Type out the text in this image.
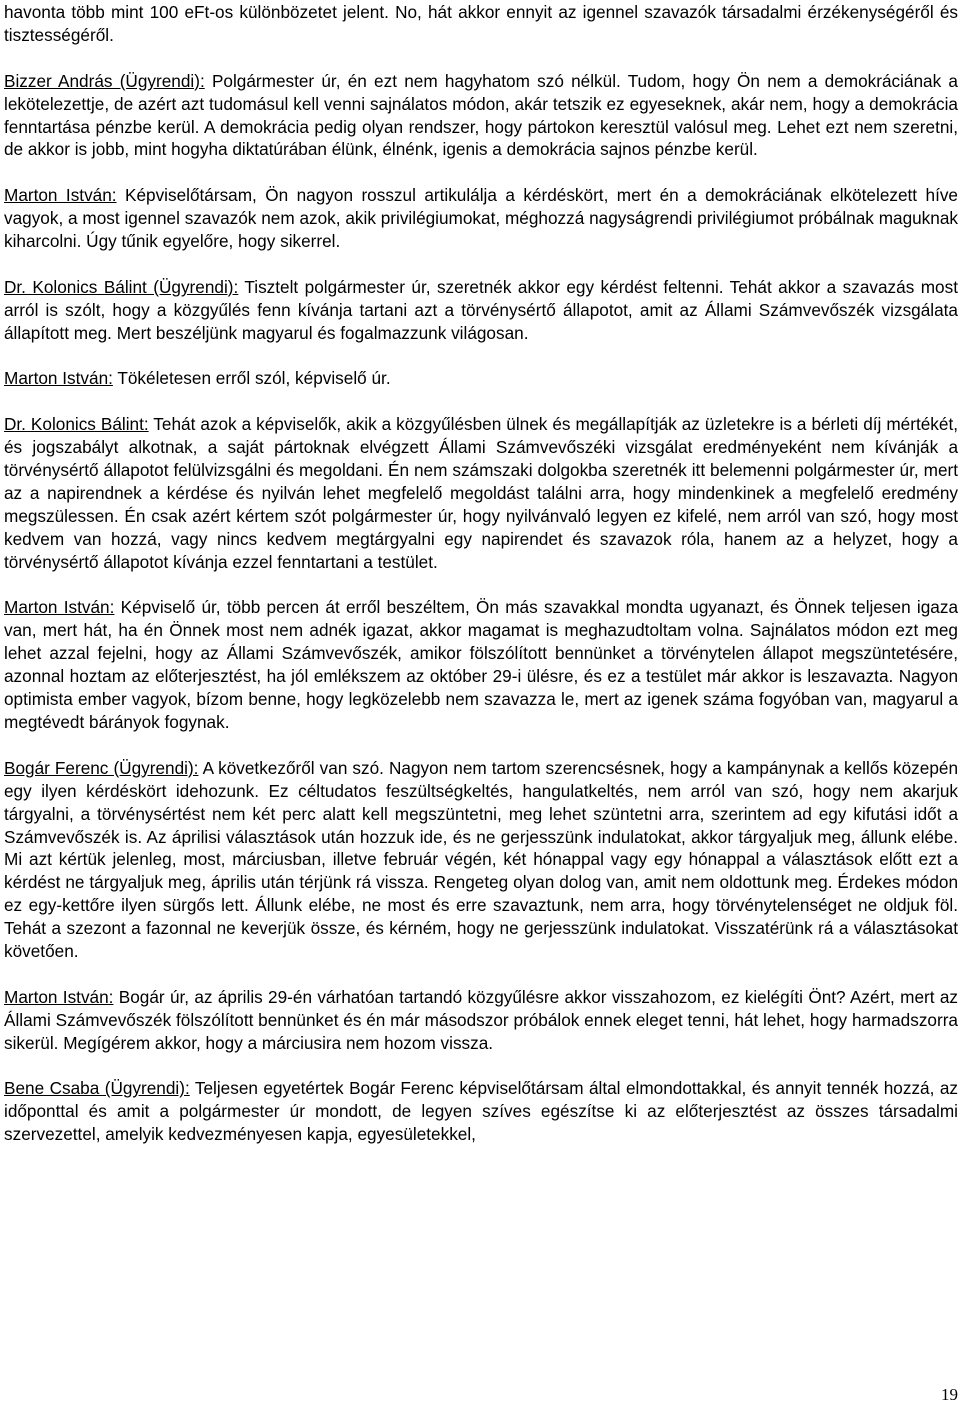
havonta több mint 100 eFt-os különbözetet jelent. No, hát akkor ennyit az igennel szavazók társadalmi érzékenységéről és tisztességéről.

Bizzer András (Ügyrendi): Polgármester úr, én ezt nem hagyhatom szó nélkül. Tudom, hogy Ön nem a demokráciának a lekötelezettje, de azért azt tudomásul kell venni sajnálatos módon, akár tetszik ez egyeseknek, akár nem, hogy a demokrácia fenntartása pénzbe kerül. A demokrácia pedig olyan rendszer, hogy pártokon keresztül valósul meg. Lehet ezt nem szeretni, de akkor is jobb, mint hogyha diktatúrában élünk, élnénk, igenis a demokrácia sajnos pénzbe kerül.

Marton István: Képviselőtársam, Ön nagyon rosszul artikulálja a kérdéskört, mert én a demokráciának elkötelezett híve vagyok, a most igennel szavazók nem azok, akik privilégiumokat, méghozzá nagyságrendi privilégiumot próbálnak maguknak kiharcolni. Úgy tűnik egyelőre, hogy sikerrel.

Dr. Kolonics Bálint (Ügyrendi): Tisztelt polgármester úr, szeretnék akkor egy kérdést feltenni. Tehát akkor a szavazás most arról is szólt, hogy a közgyűlés fenn kívánja tartani azt a törvénysértő állapotot, amit az Állami Számvevőszék vizsgálata állapított meg. Mert beszéljünk magyarul és fogalmazzunk világosan.

Marton István: Tökéletesen erről szól, képviselő úr.

Dr. Kolonics Bálint: Tehát azok a képviselők, akik a közgyűlésben ülnek és megállapítják az üzletekre is a bérleti díj mértékét, és jogszabályt alkotnak, a saját pártoknak elvégzett Állami Számvevőszéki vizsgálat eredményeként nem kívánják a törvénysértő állapotot felülvizsgálni és megoldani. Én nem számszaki dolgokba szeretnék itt belemenni polgármester úr, mert az a napirendnek a kérdése és nyilván lehet megfelelő megoldást találni arra, hogy mindenkinek a megfelelő eredmény megszülessen. Én csak azért kértem szót polgármester úr, hogy nyilvánvaló legyen ez kifelé, nem arról van szó, hogy most kedvem van hozzá, vagy nincs kedvem megtárgyalni egy napirendet és szavazok róla, hanem az a helyzet, hogy a törvénysértő állapotot kívánja ezzel fenntartani a testület.

Marton István: Képviselő úr, több percen át erről beszéltem, Ön más szavakkal mondta ugyanazt, és Önnek teljesen igaza van, mert hát, ha én Önnek most nem adnék igazat, akkor magamat is meghazudtoltam volna. Sajnálatos módon ezt meg lehet azzal fejelni, hogy az Állami Számvevőszék, amikor fölszólított bennünket a törvénytelen állapot megszüntetésére, azonnal hoztam az előterjesztést, ha jól emlékszem az október 29-i ülésre, és ez a testület már akkor is leszavazta. Nagyon optimista ember vagyok, bízom benne, hogy legközelebb nem szavazza le, mert az igenek száma fogyóban van, magyarul a megtévedt bárányok fogynak.

Bogár Ferenc (Ügyrendi): A következőről van szó. Nagyon nem tartom szerencsésnek, hogy a kampánynak a kellős közepén egy ilyen kérdéskört idehozunk. Ez céltudatos feszültségkeltés, hangulatkeltés, nem arról van szó, hogy nem akarjuk tárgyalni, a törvénysértést nem két perc alatt kell megszüntetni, meg lehet szüntetni arra, szerintem ad egy kifutási időt a Számvevőszék is. Az áprilisi választások után hozzuk ide, és ne gerjesszünk indulatokat, akkor tárgyaljuk meg, állunk elébe. Mi azt kértük jelenleg, most, márciusban, illetve február végén, két hónappal vagy egy hónappal a választások előtt ezt a kérdést ne tárgyaljuk meg, április után térjünk rá vissza. Rengeteg olyan dolog van, amit nem oldottunk meg. Érdekes módon ez egy-kettőre ilyen sürgős lett. Állunk elébe, ne most és erre szavaztunk, nem arra, hogy törvénytelenséget ne oldjuk föl. Tehát a szezont a fazonnal ne keverjük össze, és kérném, hogy ne gerjesszünk indulatokat. Visszatérünk rá a választásokat követően.

Marton István: Bogár úr, az április 29-én várhatóan tartandó közgyűlésre akkor visszahozom, ez kielégíti Önt? Azért, mert az Állami Számvevőszék fölszólított bennünket és én már másodszor próbálok ennek eleget tenni, hát lehet, hogy harmadszorra sikerül. Megígérem akkor, hogy a márciusira nem hozom vissza.

Bene Csaba (Ügyrendi): Teljesen egyetértek Bogár Ferenc képviselőtársam által elmondottakkal, és annyit tennék hozzá, az időponttal és amit a polgármester úr mondott, de legyen szíves egészítse ki az előterjesztést az összes társadalmi szervezettel, amelyik kedvezményesen kapja, egyesületekkel,

19
